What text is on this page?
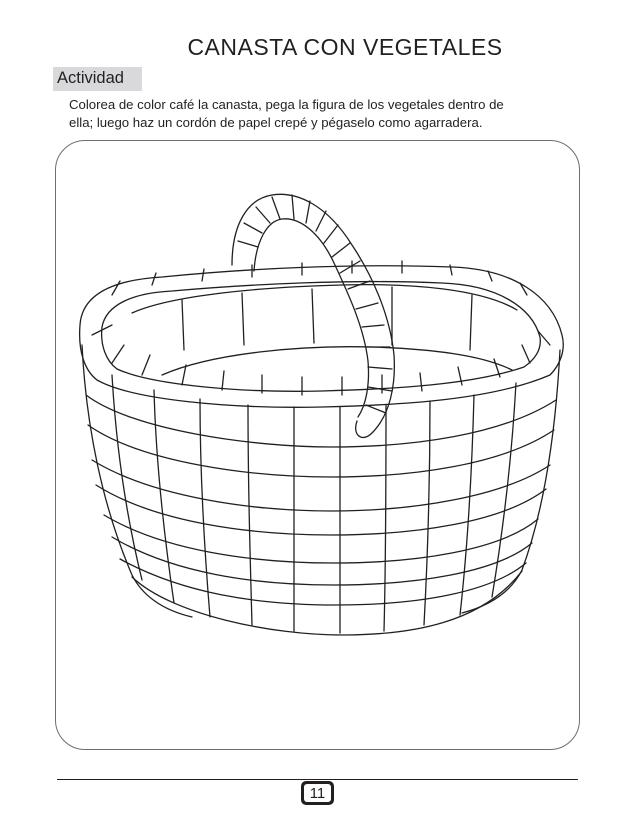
CANASTA CON VEGETALES
Actividad
Colorea de color café la canasta, pega la figura de los vegetales dentro de
ella; luego haz un cordón de papel crepé y pégaselo como agarradera.
11
